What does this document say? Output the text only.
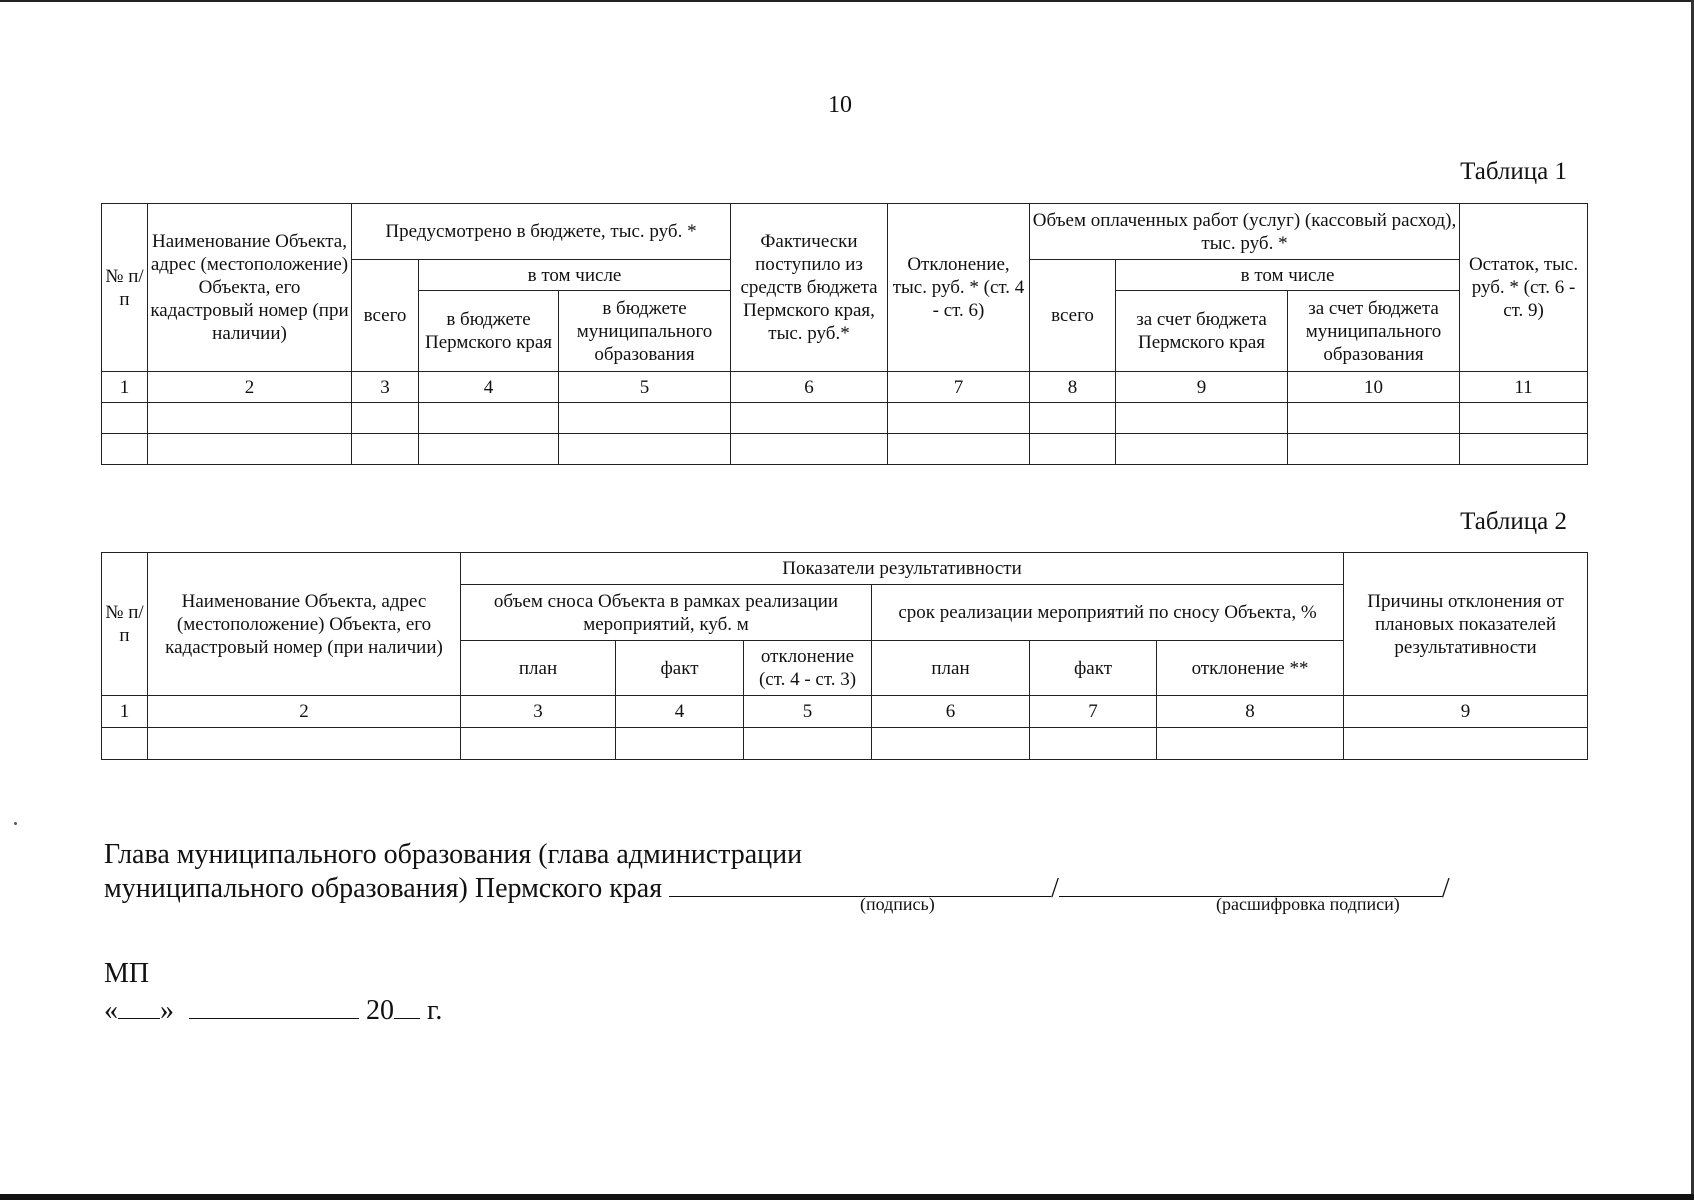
10
Таблица 1
№ п/п	Наименование Объекта, адрес (местоположение) Объекта, его кадастровый номер (при наличии)	Предусмотрено в бюджете, тыс. руб. *			Фактически поступило из средств бюджета Пермского края, тыс. руб.*	Отклонение, тыс. руб. * (ст. 4 - ст. 6)	Объем оплаченных работ (услуг) (кассовый расход), тыс. руб. *			Остаток, тыс. руб. * (ст. 6 - ст. 9)
		всего	в том числе				всего	в том числе		
			в бюджете Пермского края	в бюджете муниципального образования				за счет бюджета Пермского края	за счет бюджета муниципального образования	
1	2	3	4	5	6	7	8	9	10	11

Таблица 2
№ п/п	Наименование Объекта, адрес (местоположение) Объекта, его кадастровый номер (при наличии)	Показатели результативности						Причины отклонения от плановых показателей результативности
		объем сноса Объекта в рамках реализации мероприятий, куб. м			срок реализации мероприятий по сносу Объекта, %			
		план	факт	отклонение (ст. 4 - ст. 3)	план	факт	отклонение **	
1	2	3	4	5	6	7	8	9

Глава муниципального образования (глава администрации
муниципального образования) Пермского края	/	/
(подпись)	(расшифровка подписи)
МП
« »	20 г.
